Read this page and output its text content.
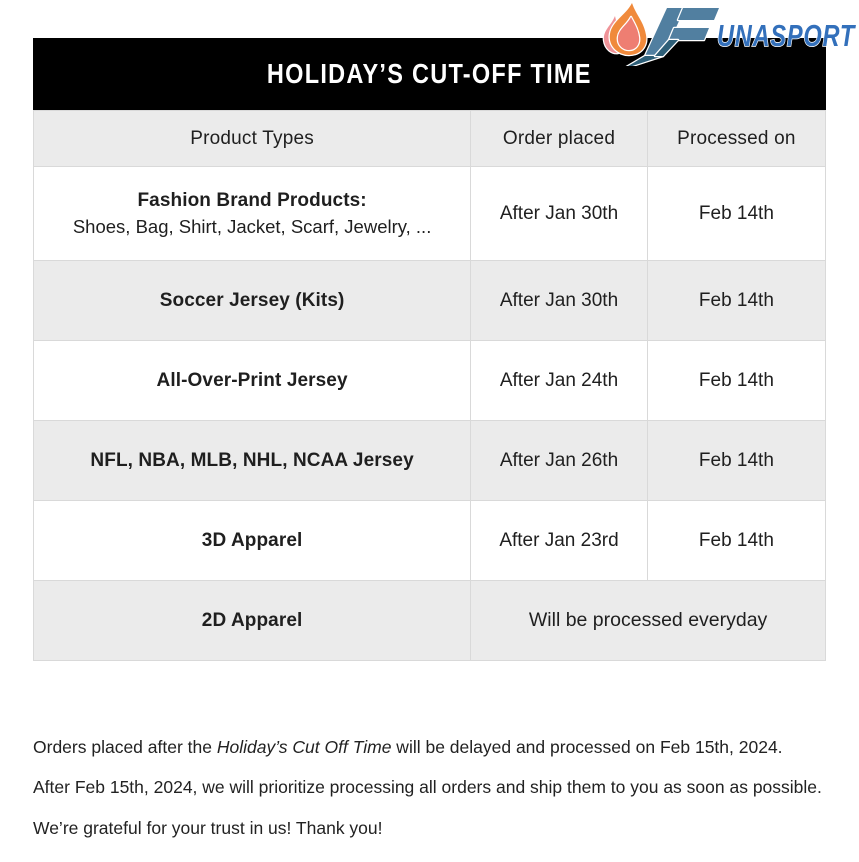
UNASPORT
HOLIDAY’S CUT-OFF TIME
Product Types	Order placed	Processed on

Fashion Brand Products:
Shoes, Bag, Shirt, Jacket, Scarf, Jewelry, ...	After Jan 30th	Feb 14th
Soccer Jersey (Kits)	After Jan 30th	Feb 14th
All-Over-Print Jersey	After Jan 24th	Feb 14th
NFL, NBA, MLB, NHL, NCAA Jersey	After Jan 26th	Feb 14th
3D Apparel	After Jan 23rd	Feb 14th
2D Apparel	Will be processed everyday	

Orders placed after the Holiday’s Cut Off Time will be delayed and processed on Feb 15th, 2024.

After Feb 15th, 2024, we will prioritize processing all orders and ship them to you as soon as possible.

We’re grateful for your trust in us! Thank you!
